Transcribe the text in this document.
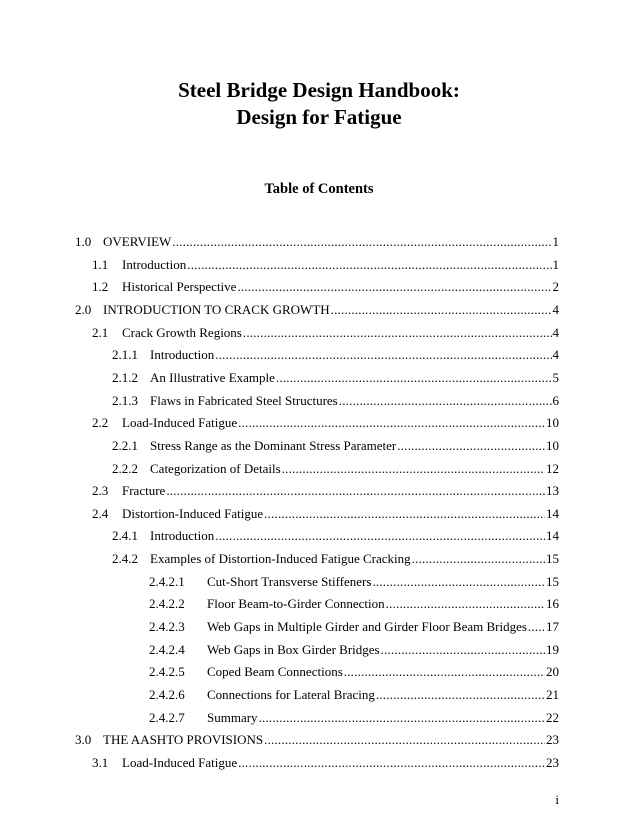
Steel Bridge Design Handbook:
Design for Fatigue
Table of Contents
1.0 OVERVIEW .....	1
1.1	Introduction .....	1
1.2	Historical Perspective .....	2
2.0 INTRODUCTION TO CRACK GROWTH .....	4
2.1	Crack Growth Regions .....	4
2.1.1 Introduction .....	4
2.1.2 An Illustrative Example .....	5
2.1.3 Flaws in Fabricated Steel Structures .....	6
2.2	Load-Induced Fatigue .....	10
2.2.1 Stress Range as the Dominant Stress Parameter .....	10
2.2.2 Categorization of Details .....	12
2.3	Fracture .....	13
2.4	Distortion-Induced Fatigue .....	14
2.4.1 Introduction .....	14
2.4.2 Examples of Distortion-Induced Fatigue Cracking .....	15
2.4.2.1	Cut-Short Transverse Stiffeners .....	15
2.4.2.2	Floor Beam-to-Girder Connection .....	16
2.4.2.3	Web Gaps in Multiple Girder and Girder Floor Beam Bridges ..... 17
2.4.2.4	Web Gaps in Box Girder Bridges .....	19
2.4.2.5	Coped Beam Connections .....	20
2.4.2.6	Connections for Lateral Bracing .....	21
2.4.2.7	Summary .....	22
3.0 THE AASHTO PROVISIONS .....	23
3.1	Load-Induced Fatigue .....	23
i
